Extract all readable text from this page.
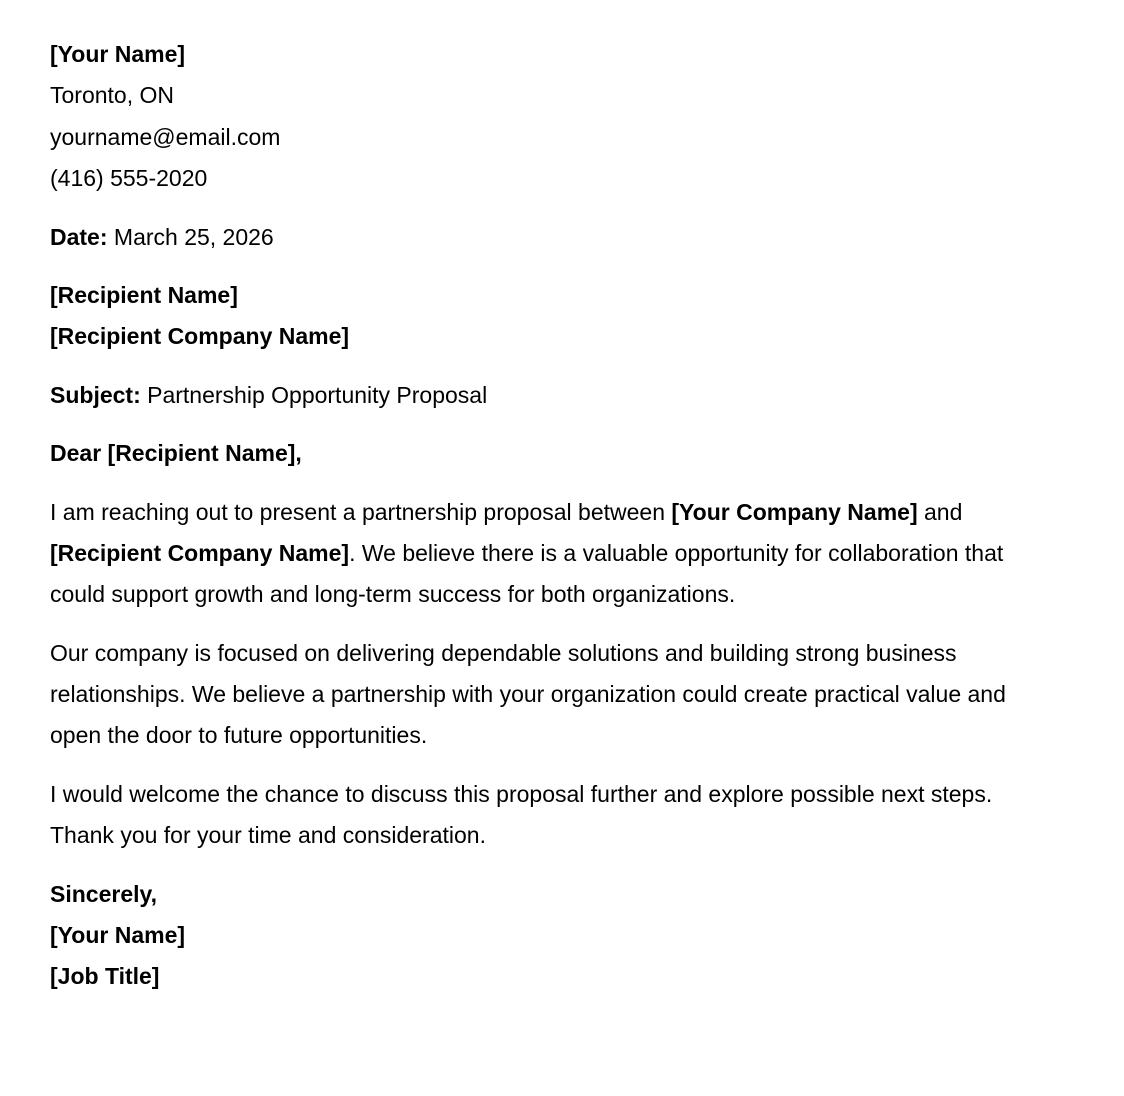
[Your Name]
Toronto, ON
yourname@email.com
(416) 555-2020
Date: March 25, 2026
[Recipient Name]
[Recipient Company Name]
Subject: Partnership Opportunity Proposal
Dear [Recipient Name],

I am reaching out to present a partnership proposal between [Your Company Name] and [Recipient Company Name]. We believe there is a valuable opportunity for collaboration that could support growth and long-term success for both organizations.

Our company is focused on delivering dependable solutions and building strong business relationships. We believe a partnership with your organization could create practical value and open the door to future opportunities.

I would welcome the chance to discuss this proposal further and explore possible next steps. Thank you for your time and consideration.

Sincerely,
[Your Name]
[Job Title]
